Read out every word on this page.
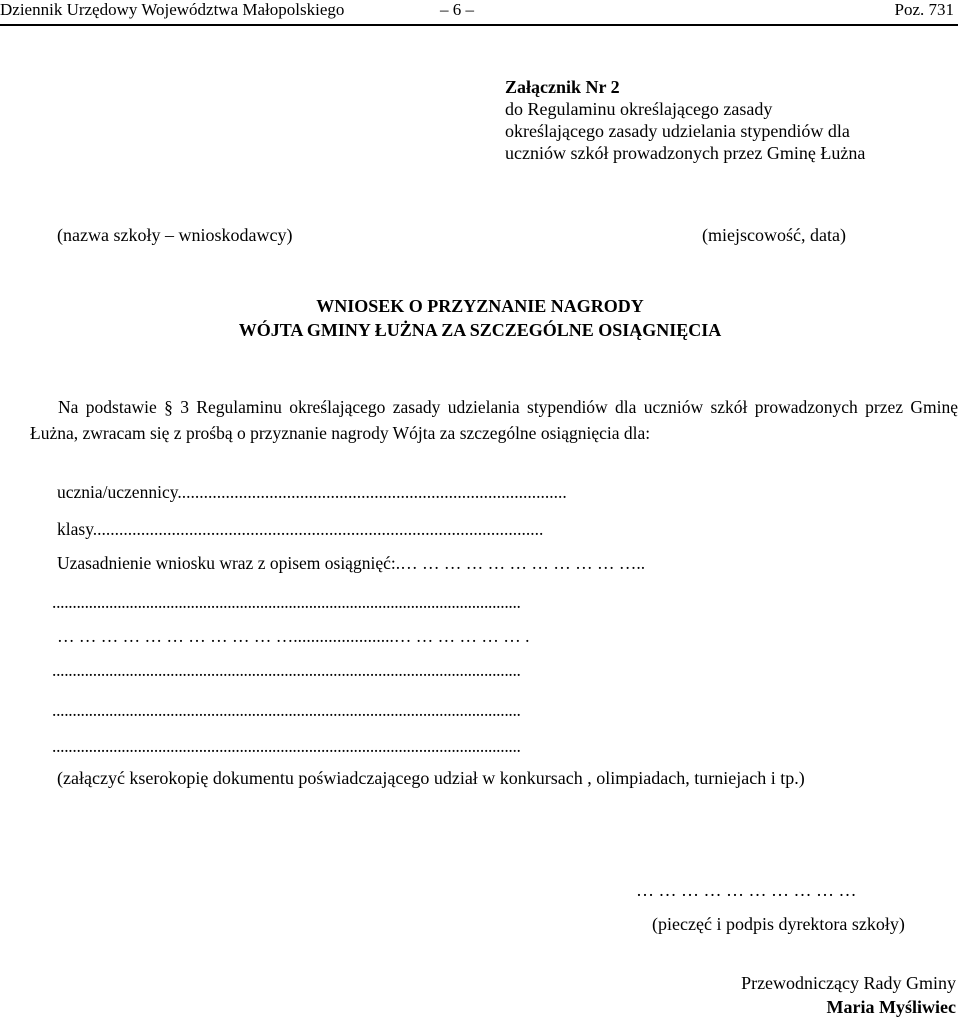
Dziennik Urzędowy Województwa Małopolskiego	– 6 –	Poz. 731
Załącznik Nr 2
do Regulaminu określającego zasady
określającego zasady udzielania stypendiów dla
uczniów szkół prowadzonych przez Gminę Łużna
(nazwa szkoły – wnioskodawcy)	(miejscowość, data)
WNIOSEK O PRZYZNANIE NAGRODY
WÓJTA GMINY ŁUŻNA ZA SZCZEGÓLNE OSIĄGNIĘCIA
Na podstawie § 3 Regulaminu określającego zasady udzielania stypendiów dla uczniów szkół prowadzonych przez Gminę Łużna, zwracam się z prośbą o przyznanie nagrody Wójta za szczególne osiągnięcia dla:
ucznia/uczennicy.........................................................................................
klasy.......................................................................................................
Uzasadnienie wniosku wraz z opisem osiągnięć:.… … … … … … … … … … …..
...................................................................................................................
… … … … … … … … … … ….......................… … … … … … .
...................................................................................................................
...................................................................................................................
...................................................................................................................
(załączyć kserokopię dokumentu poświadczającego udział w konkursach , olimpiadach, turniejach i tp.)
… … … … … … … … … …
(pieczęć i podpis dyrektora szkoły)
Przewodniczący Rady Gminy
Maria Myśliwiec
